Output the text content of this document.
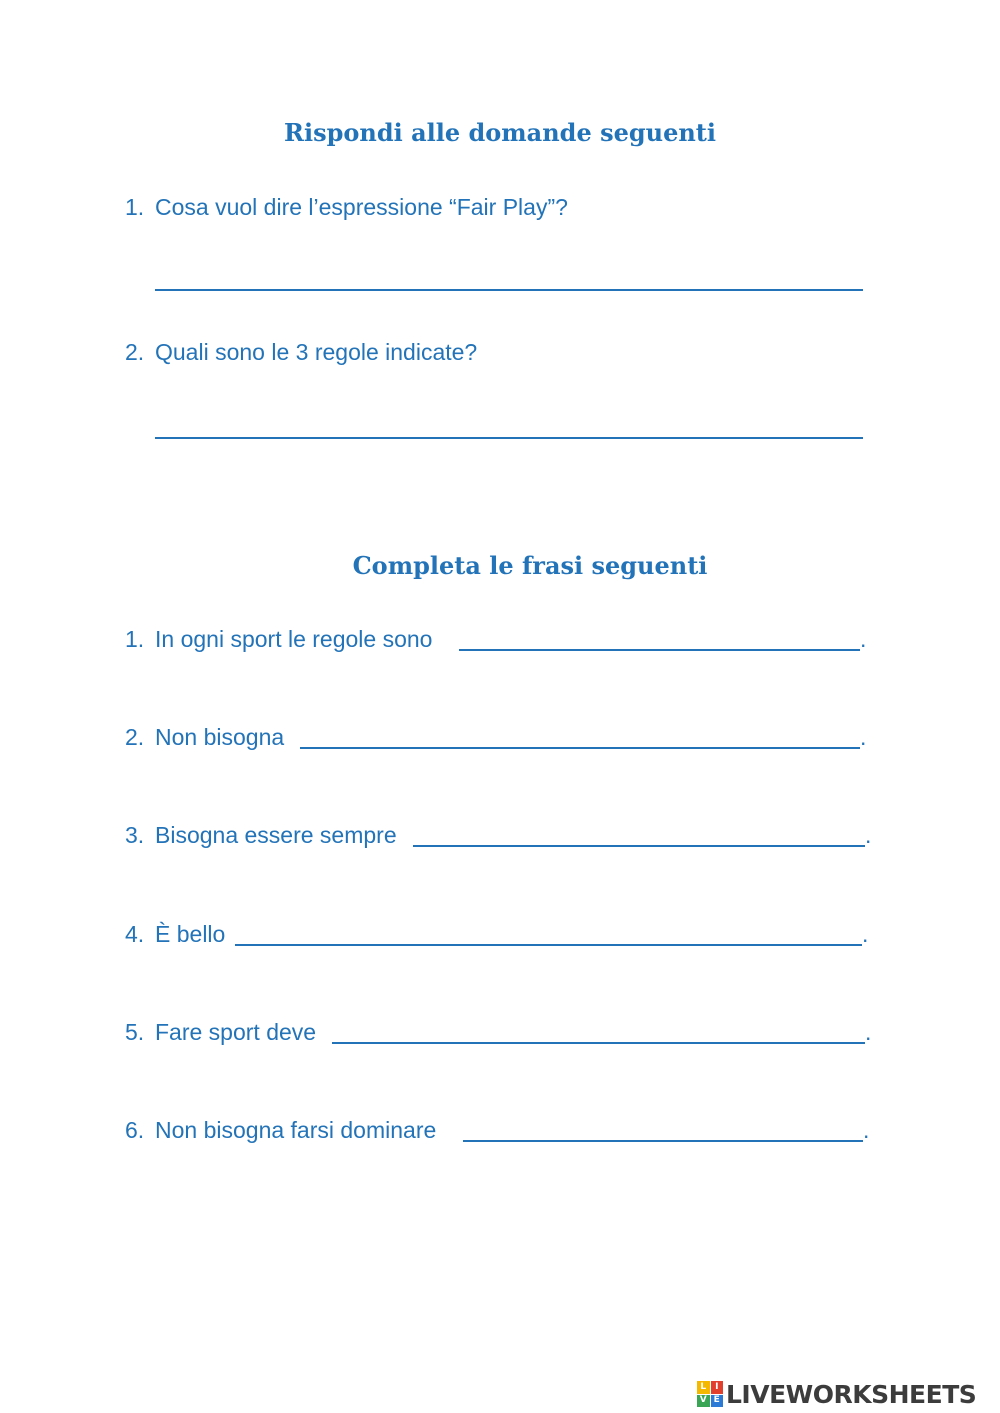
Rispondi alle domande seguenti
1. Cosa vuol dire l’espressione “Fair Play”?
2. Quali sono le 3 regole indicate?
Completa le frasi seguenti
1. In ogni sport le regole sono	.
2. Non bisogna	.
3. Bisogna essere sempre	.
4. È bello	.
5. Fare sport deve	.
6. Non bisogna farsi dominare	.
L I
V E LIVEWORKSHEETS
